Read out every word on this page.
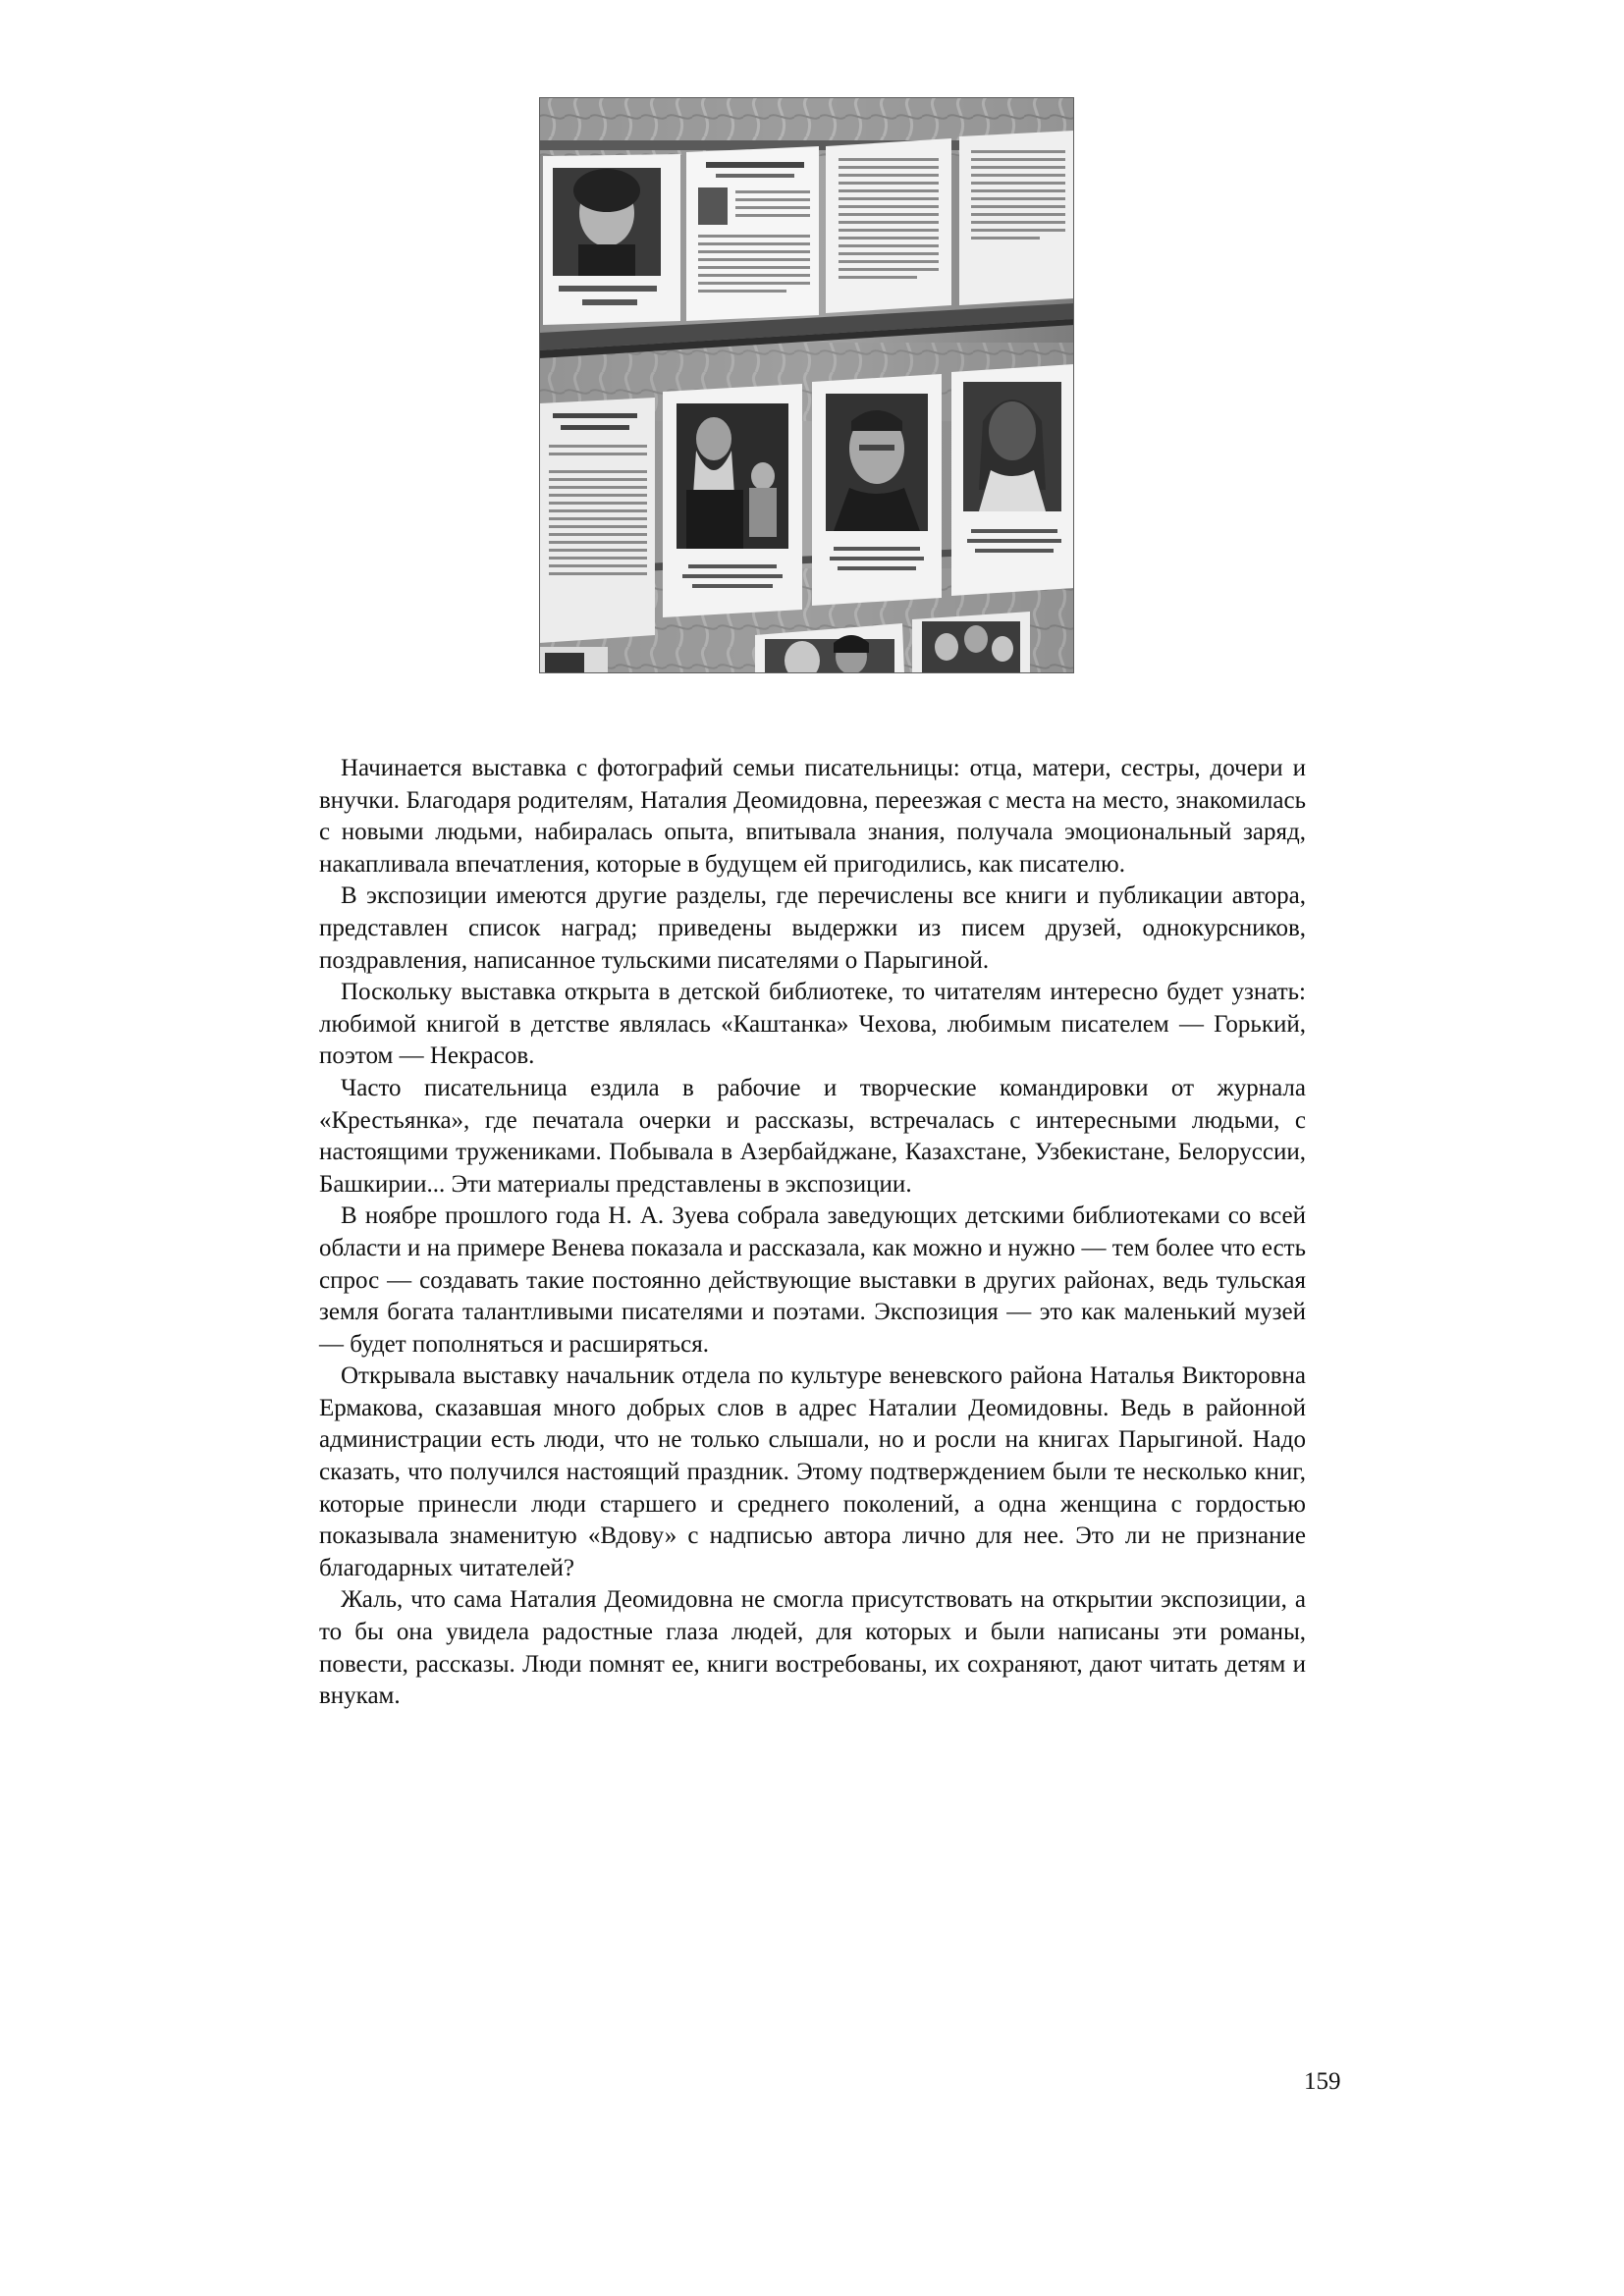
Начинается выставка с фотографий семьи писательницы: отца, матери, сестры, дочери и внучки. Благодаря родителям, Наталия Деомидовна, переезжая с места на место, знакомилась с новыми людьми, набиралась опыта, впитывала знания, получала эмоциональный заряд, накапливала впечатления, которые в будущем ей пригодились, как писателю.

В экспозиции имеются другие разделы, где перечислены все книги и публикации автора, представлен список наград; приведены выдержки из писем друзей, однокурсников, поздравления, написанное тульскими писателями о Парыгиной.

Поскольку выставка открыта в детской библиотеке, то читателям интересно будет узнать: любимой книгой в детстве являлась «Каштанка» Чехова, любимым писателем — Горький, поэтом — Некрасов.

Часто писательница ездила в рабочие и творческие командировки от журнала «Крестьянка», где печатала очерки и рассказы, встречалась с интересными людьми, с настоящими тружениками. Побывала в Азербайджане, Казахстане, Узбекистане, Белоруссии, Башкирии... Эти материалы представлены в экспозиции.

В ноябре прошлого года Н. А. Зуева собрала заведующих детскими библиотеками со всей области и на примере Венева показала и рассказала, как можно и нужно — тем более что есть спрос — создавать такие постоянно действующие выставки в других районах, ведь тульская земля богата талантливыми писателями и поэтами. Экспозиция — это как маленький музей — будет пополняться и расширяться.

Открывала выставку начальник отдела по культуре веневского района Наталья Викторовна Ермакова, сказавшая много добрых слов в адрес Наталии Деомидовны. Ведь в районной администрации есть люди, что не только слышали, но и росли на книгах Парыгиной. Надо сказать, что получился настоящий праздник. Этому подтверждением были те несколько книг, которые принесли люди старшего и среднего поколений, а одна женщина с гордостью показывала знаменитую «Вдову» с надписью автора лично для нее. Это ли не признание благодарных читателей?

Жаль, что сама Наталия Деомидовна не смогла присутствовать на открытии экспозиции, а то бы она увидела радостные глаза людей, для которых и были написаны эти романы, повести, рассказы. Люди помнят ее, книги востребованы, их сохраняют, дают читать детям и внукам.

159
